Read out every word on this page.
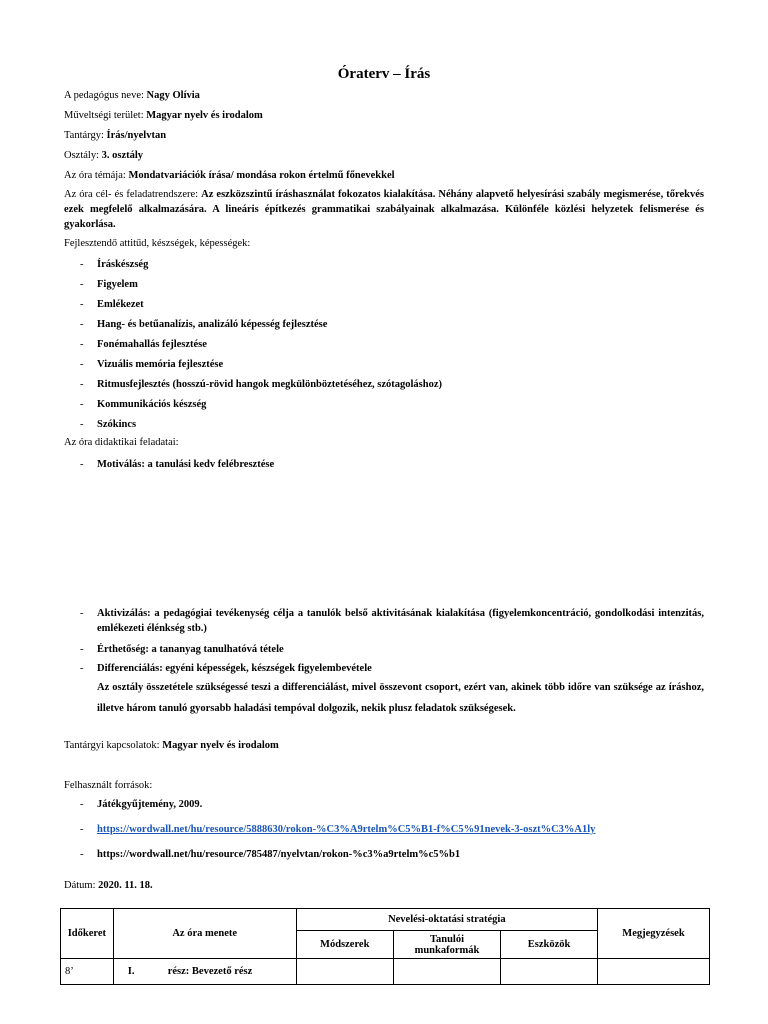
Óraterv – Írás
A pedagógus neve: Nagy Olívia
Műveltségi terület: Magyar nyelv és irodalom
Tantárgy: Írás/nyelvtan
Osztály: 3. osztály
Az óra témája: Mondatvariációk írása/ mondása rokon értelmű főnevekkel
Az óra cél- és feladatrendszere: Az eszközszintű íráshasználat fokozatos kialakítása. Néhány alapvető helyesírási szabály megismerése, tőrekvés ezek megfelelő alkalmazására. A lineáris építkezés grammatikai szabályainak alkalmazása. Különféle közlési helyzetek felismerése és gyakorlása.
Fejlesztendő attitűd, készségek, képességek:
- Íráskészség
- Figyelem
- Emlékezet
- Hang- és betűanalízis, analizáló képesség fejlesztése
- Fonémahallás fejlesztése
- Vizuális memória fejlesztése
- Ritmusfejlesztés (hosszú-rövid hangok megkülönböztetéséhez, szótagoláshoz)
- Kommunikációs készség
- Szókincs
Az óra didaktikai feladatai:
- Motiválás: a tanulási kedv felébresztése
- Aktivizálás: a pedagógiai tevékenység célja a tanulók belső aktivitásának kialakítása (figyelemkoncentráció, gondolkodási intenzitás, emlékezeti élénkség stb.)
- Érthetőség: a tananyag tanulhatóvá tétele
- Differenciálás: egyéni képességek, készségek figyelembevétele
Az osztály összetétele szükségessé teszi a differenciálást, mivel összevont csoport, ezért van, akinek több időre van szüksége az íráshoz, illetve három tanuló gyorsabb haladási tempóval dolgozik, nekik plusz feladatok szükségesek.
Tantárgyi kapcsolatok: Magyar nyelv és irodalom
Felhasznált források:
- Játékgyűjtemény, 2009.
- https://wordwall.net/hu/resource/5888630/rokon-%C3%A9rtelm%C5%B1-f%C5%91nevek-3-oszt%C3%A1ly
- https://wordwall.net/hu/resource/785487/nyelvtan/rokon-%c3%a9rtelm%c5%b1
Dátum: 2020. 11. 18.
Időkeret	Az óra menete	Nevelési-oktatási stratégia			Megjegyzések
		Módszerek	Tanulói munkaformák	Eszközök	
8’	I. rész: Bevezető rész				
